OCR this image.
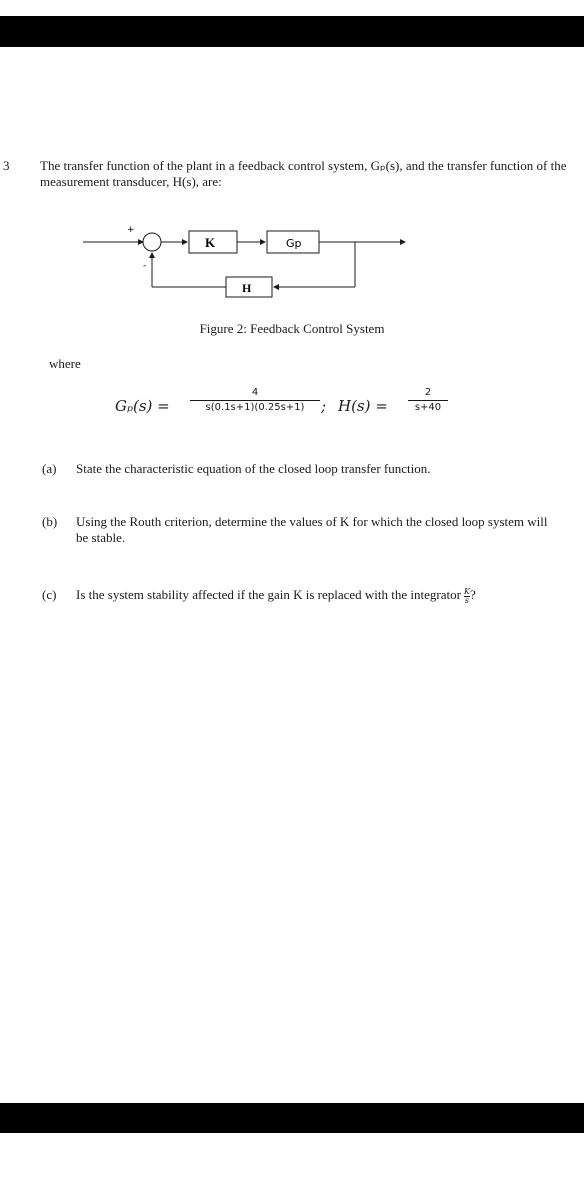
3 The transfer function of the plant in a feedback control system, Gₚ(s), and the transfer function of the measurement transducer, H(s), are:
+
-
K	Gp
H
Figure 2: Feedback Control System
where
Gₚ(s) =
4
s(0.1s+1)(0.25s+1)	; H(s) =
2
s+40
(a) State the characteristic equation of the closed loop transfer function.
(b) Using the Routh criterion, determine the values of K for which the closed loop system will be stable.
(c) Is the system stability affected if the gain K is replaced with the integrator $\frac{K}{s}$?
